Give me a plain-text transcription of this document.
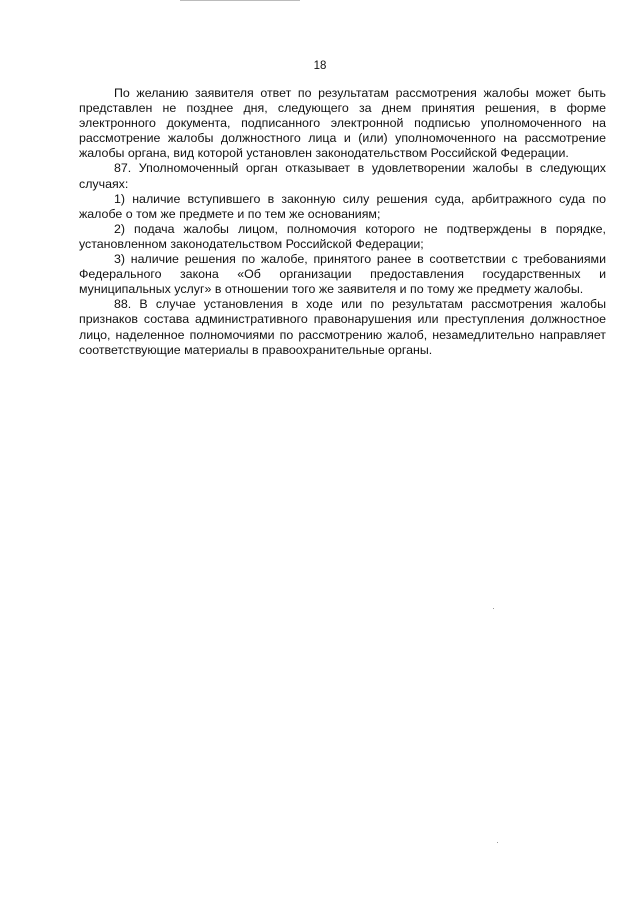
18

По желанию заявителя ответ по результатам рассмотрения жалобы может быть представлен не позднее дня, следующего за днем принятия решения, в форме электронного документа, подписанного электронной подписью уполномоченного на рассмотрение жалобы должностного лица и (или) уполномоченного на рассмотрение жалобы органа, вид которой установлен законодательством Российской Федерации.

87. Уполномоченный орган отказывает в удовлетворении жалобы в следующих случаях:

1) наличие вступившего в законную силу решения суда, арбитражного суда по жалобе о том же предмете и по тем же основаниям;

2) подача жалобы лицом, полномочия которого не подтверждены в порядке, установленном законодательством Российской Федерации;

3) наличие решения по жалобе, принятого ранее в соответствии с требованиями Федерального закона «Об организации предоставления государственных и муниципальных услуг» в отношении того же заявителя и по тому же предмету жалобы.

88. В случае установления в ходе или по результатам рассмотрения жалобы признаков состава административного правонарушения или преступления должностное лицо, наделенное полномочиями по рассмотрению жалоб, незамедлительно направляет соответствующие материалы в правоохранительные органы.
